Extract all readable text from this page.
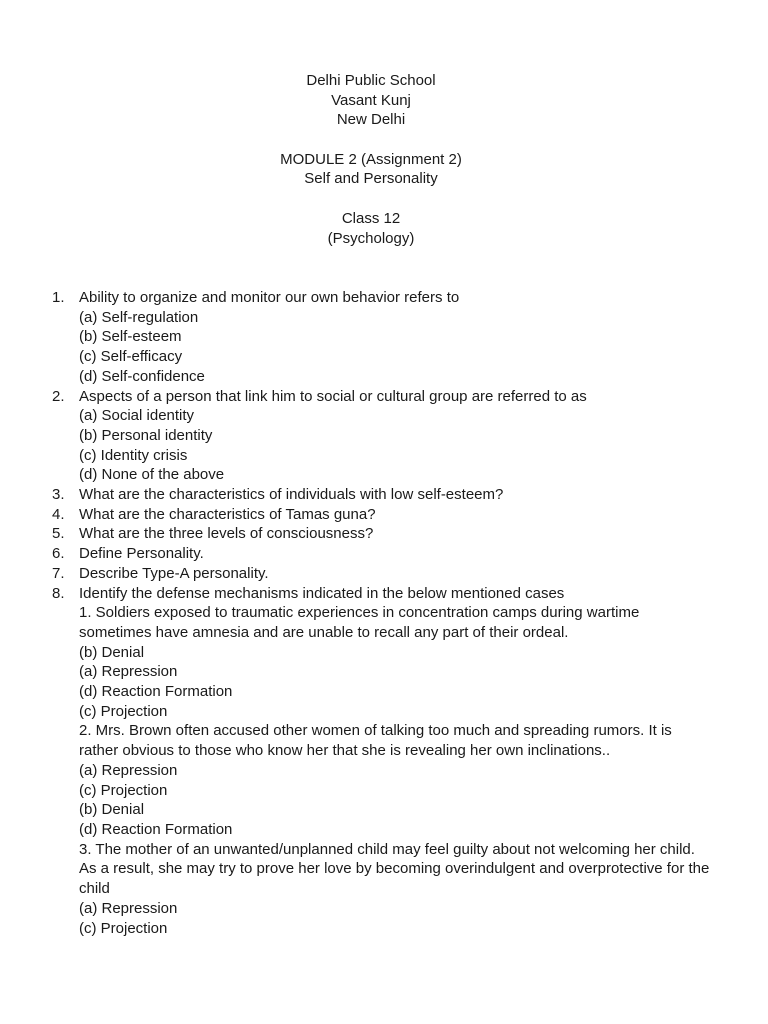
Delhi Public School
Vasant Kunj
New Delhi
MODULE 2 (Assignment 2)
Self and Personality
Class 12
(Psychology)
1. Ability to organize and monitor our own behavior refers to
(a) Self-regulation
(b) Self-esteem
(c) Self-efficacy
(d) Self-confidence
2. Aspects of a person that link him to social or cultural group are referred to as
(a) Social identity
(b) Personal identity
(c) Identity crisis
(d) None of the above
3. What are the characteristics of individuals with low self-esteem?
4. What are the characteristics of Tamas guna?
5. What are the three levels of consciousness?
6. Define Personality.
7. Describe Type-A personality.
8. Identify the defense mechanisms indicated in the below mentioned cases
1. Soldiers exposed to traumatic experiences in concentration camps during wartime sometimes have amnesia and are unable to recall any part of their ordeal.
(b) Denial
(a) Repression
(d) Reaction Formation
(c) Projection
2. Mrs. Brown often accused other women of talking too much and spreading rumors. It is rather obvious to those who know her that she is revealing her own inclinations..
(a) Repression
(c) Projection
(b) Denial
(d) Reaction Formation
3. The mother of an unwanted/unplanned child may feel guilty about not welcoming her child. As a result, she may try to prove her love by becoming overindulgent and overprotective for the child
(a) Repression
(c) Projection
